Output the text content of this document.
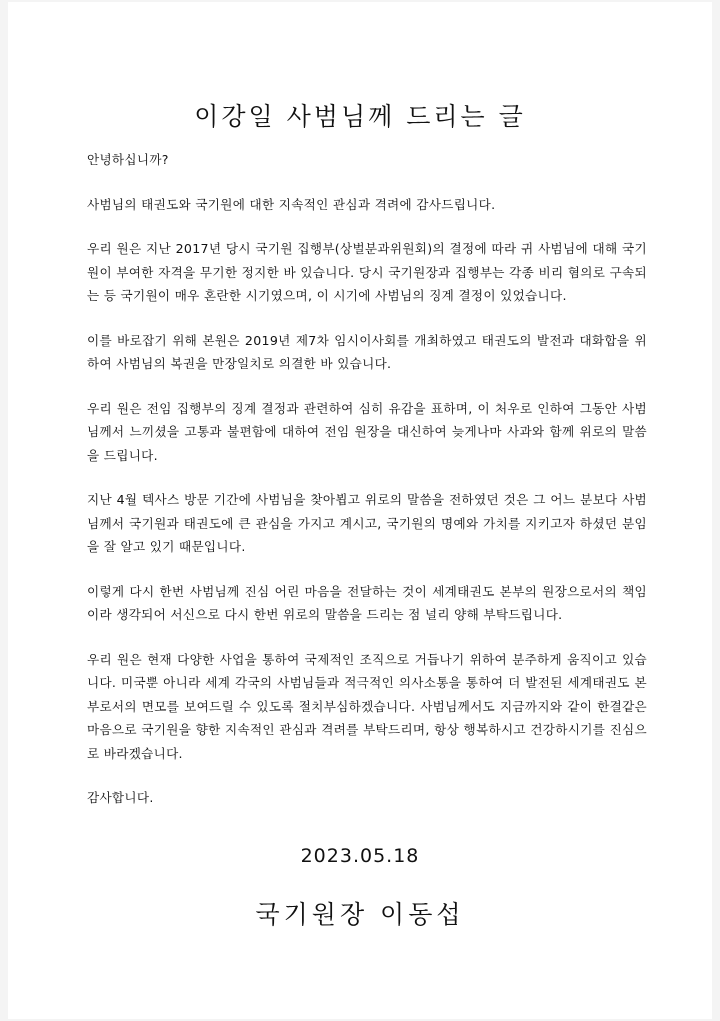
이강일 사범님께 드리는 글

안녕하십니까?

사범님의 태권도와 국기원에 대한 지속적인 관심과 격려에 감사드립니다.

우리 원은 지난 2017년 당시 국기원 집행부(상벌분과위원회)의 결정에 따라 귀 사범님에 대해 국기원이 부여한 자격을 무기한 정지한 바 있습니다. 당시 국기원장과 집행부는 각종 비리 혐의로 구속되는 등 국기원이 매우 혼란한 시기였으며, 이 시기에 사범님의 징계 결정이 있었습니다.

이를 바로잡기 위해 본원은 2019년 제7차 임시이사회를 개최하였고 태권도의 발전과 대화합을 위하여 사범님의 복권을 만장일치로 의결한 바 있습니다.

우리 원은 전임 집행부의 징계 결정과 관련하여 심히 유감을 표하며, 이 처우로 인하여 그동안 사범님께서 느끼셨을 고통과 불편함에 대하여 전임 원장을 대신하여 늦게나마 사과와 함께 위로의 말씀을 드립니다.

지난 4월 텍사스 방문 기간에 사범님을 찾아뵙고 위로의 말씀을 전하였던 것은 그 어느 분보다 사범님께서 국기원과 태권도에 큰 관심을 가지고 계시고, 국기원의 명예와 가치를 지키고자 하셨던 분임을 잘 알고 있기 때문입니다.

이렇게 다시 한번 사범님께 진심 어린 마음을 전달하는 것이 세계태권도 본부의 원장으로서의 책임이라 생각되어 서신으로 다시 한번 위로의 말씀을 드리는 점 널리 양해 부탁드립니다.

우리 원은 현재 다양한 사업을 통하여 국제적인 조직으로 거듭나기 위하여 분주하게 움직이고 있습니다. 미국뿐 아니라 세계 각국의 사범님들과 적극적인 의사소통을 통하여 더 발전된 세계태권도 본부로서의 면모를 보여드릴 수 있도록 절치부심하겠습니다. 사범님께서도 지금까지와 같이 한결같은 마음으로 국기원을 향한 지속적인 관심과 격려를 부탁드리며, 항상 행복하시고 건강하시기를 진심으로 바라겠습니다.

감사합니다.

2023.05.18
국기원장 이동섭
